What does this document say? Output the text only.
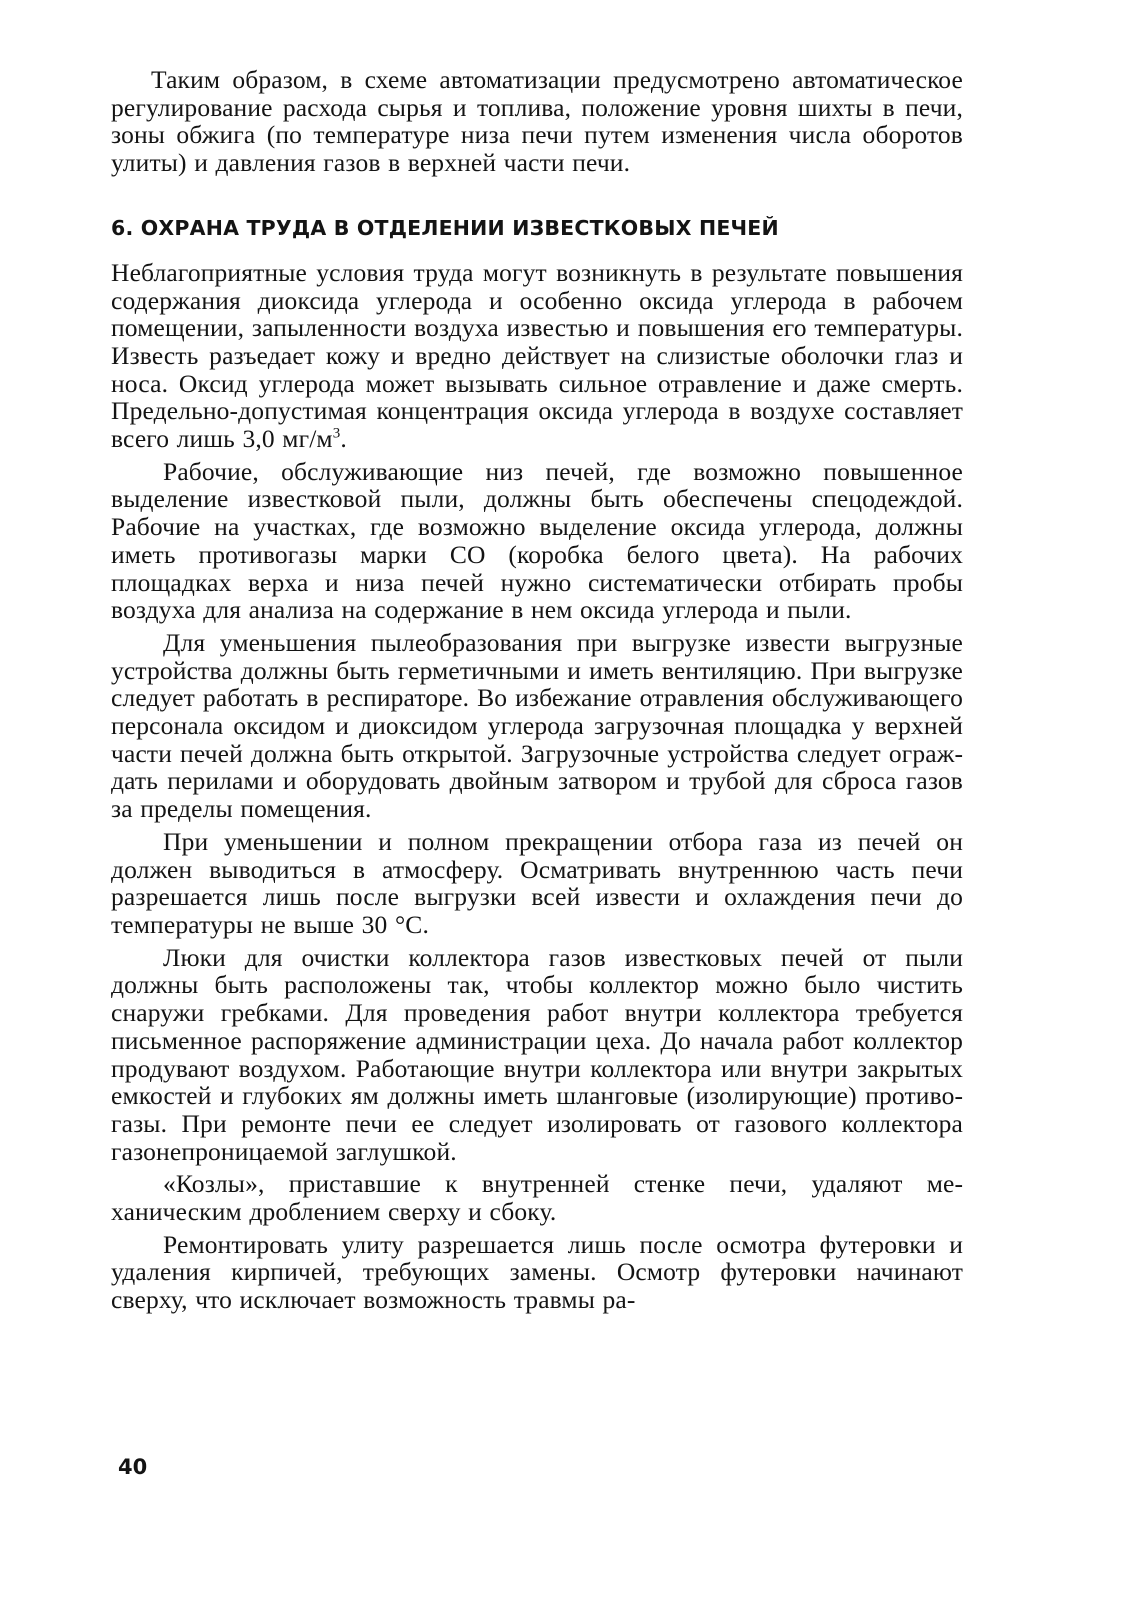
Таким образом, в схеме автоматизации предусмотрено автоматическое регулирование расхода сырья и топлива, положение уровня шихты в печи, зоны обжига (по температуре низа печи путем изменения числа оборотов улиты) и давления газов в верхней части печи.

6. ОХРАНА ТРУДА В ОТДЕЛЕНИИ ИЗВЕСТКОВЫХ ПЕЧЕЙ

Неблагоприятные условия труда могут возникнуть в результате повышения содержания диоксида углерода и особенно оксида углерода в рабочем помещении, запыленности воздуха известью и повышения его температуры. Известь разъедает кожу и вредно действует на слизистые оболочки глаз и носа. Оксид углерода может вызывать сильное отравление и даже смерть. Предельно-допустимая концентрация оксида углерода в воздухе составляет всего лишь 3,0 $мг/м^3$.

Рабочие, обслуживающие низ печей, где возможно повышенное выделение известковой пыли, должны быть обеспечены спецодеждой. Рабочие на участках, где возможно выделение оксида углерода, должны иметь противогазы марки СО (коробка белого цвета). На рабочих площадках верха и низа печей нужно систематически отбирать пробы воздуха для анализа на содержание в нем оксида углерода и пыли.

Для уменьшения пылеобразования при выгрузке извести выгрузные устройства должны быть герметичными и иметь вентиляцию. При выгрузке следует работать в респираторе. Во избежание отравления обслуживающего персонала оксидом и диоксидом углерода загрузочная площадка у верхней части печей должна быть открытой. Загрузочные устройства следует ограждать перилами и оборудовать двойным затвором и трубой для сброса газов за пределы помещения.

При уменьшении и полном прекращении отбора газа из печей он должен выводиться в атмосферу. Осматривать внутреннюю часть печи разрешается лишь после выгрузки всей извести и охлаждения печи до температуры не выше 30 °С.

Люки для очистки коллектора газов известковых печей от пыли должны быть расположены так, чтобы коллектор можно было чистить снаружи гребками. Для проведения работ внутри коллектора требуется письменное распоряжение администрации цеха. До начала работ коллектор продувают воздухом. Работающие внутри коллектора или внутри закрытых емкостей и глубоких ям должны иметь шланговые (изолирующие) противогазы. При ремонте печи ее следует изолировать от газового коллектора газонепроницаемой заглушкой.

«Козлы», приставшие к внутренней стенке печи, удаляют механическим дроблением сверху и сбоку.

Ремонтировать улиту разрешается лишь после осмотра футеровки и удаления кирпичей, требующих замены. Осмотр футеровки начинают сверху, что исключает возможность травмы ра-

40
